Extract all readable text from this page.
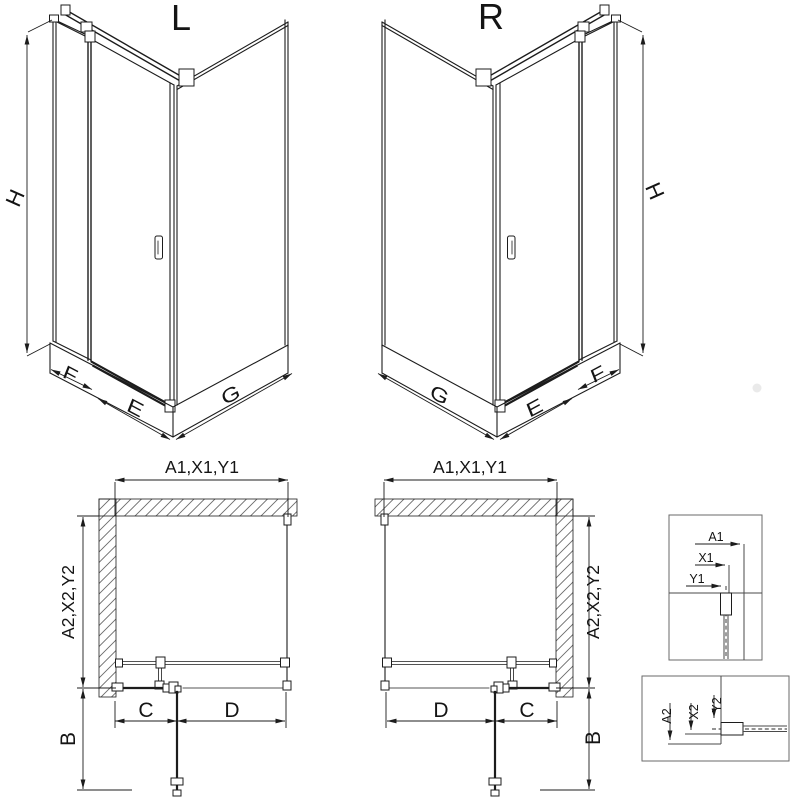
L
H
F
E	G
R
H
G	E
F
A1,X1,Y1
A2,X2,Y2
B
C	D
A1,X1,Y1
A2,X2,Y2
B
D	C
A1
X1
Y1
A2 X2 Y2
